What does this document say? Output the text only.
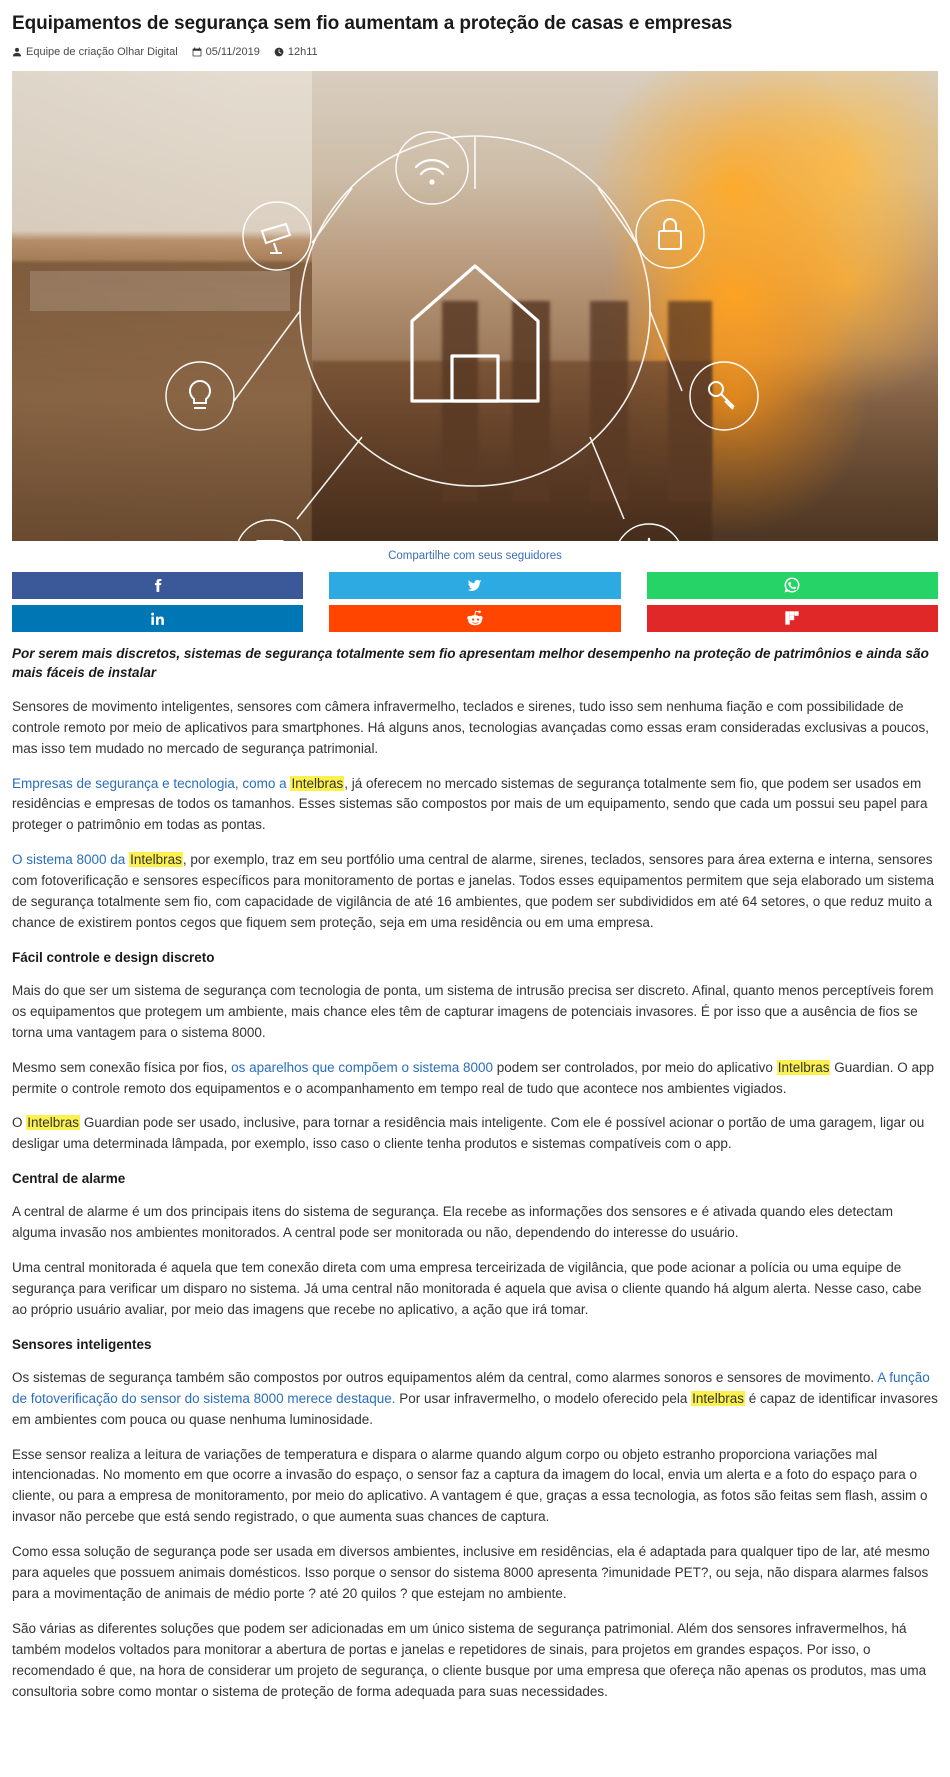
Equipamentos de segurança sem fio aumentam a proteção de casas e empresas
Equipe de criação Olhar Digital	05/11/2019	12h11
Compartilhe com seus seguidores

Por serem mais discretos, sistemas de segurança totalmente sem fio apresentam melhor desempenho na proteção de patrimônios e ainda são mais fáceis de instalar

Sensores de movimento inteligentes, sensores com câmera infravermelho, teclados e sirenes, tudo isso sem nenhuma fiação e com possibilidade de controle remoto por meio de aplicativos para smartphones. Há alguns anos, tecnologias avançadas como essas eram consideradas exclusivas a poucos, mas isso tem mudado no mercado de segurança patrimonial.

Empresas de segurança e tecnologia, como a Intelbras, já oferecem no mercado sistemas de segurança totalmente sem fio, que podem ser usados em residências e empresas de todos os tamanhos. Esses sistemas são compostos por mais de um equipamento, sendo que cada um possui seu papel para proteger o patrimônio em todas as pontas.

O sistema 8000 da Intelbras, por exemplo, traz em seu portfólio uma central de alarme, sirenes, teclados, sensores para área externa e interna, sensores com fotoverificação e sensores específicos para monitoramento de portas e janelas. Todos esses equipamentos permitem que seja elaborado um sistema de segurança totalmente sem fio, com capacidade de vigilância de até 16 ambientes, que podem ser subdivididos em até 64 setores, o que reduz muito a chance de existirem pontos cegos que fiquem sem proteção, seja em uma residência ou em uma empresa.

Fácil controle e design discreto

Mais do que ser um sistema de segurança com tecnologia de ponta, um sistema de intrusão precisa ser discreto. Afinal, quanto menos perceptíveis forem os equipamentos que protegem um ambiente, mais chance eles têm de capturar imagens de potenciais invasores. É por isso que a ausência de fios se torna uma vantagem para o sistema 8000.

Mesmo sem conexão física por fios, os aparelhos que compõem o sistema 8000 podem ser controlados, por meio do aplicativo Intelbras Guardian. O app permite o controle remoto dos equipamentos e o acompanhamento em tempo real de tudo que acontece nos ambientes vigiados.

O Intelbras Guardian pode ser usado, inclusive, para tornar a residência mais inteligente. Com ele é possível acionar o portão de uma garagem, ligar ou desligar uma determinada lâmpada, por exemplo, isso caso o cliente tenha produtos e sistemas compatíveis com o app.

Central de alarme

A central de alarme é um dos principais itens do sistema de segurança. Ela recebe as informações dos sensores e é ativada quando eles detectam alguma invasão nos ambientes monitorados. A central pode ser monitorada ou não, dependendo do interesse do usuário.

Uma central monitorada é aquela que tem conexão direta com uma empresa terceirizada de vigilância, que pode acionar a polícia ou uma equipe de segurança para verificar um disparo no sistema. Já uma central não monitorada é aquela que avisa o cliente quando há algum alerta. Nesse caso, cabe ao próprio usuário avaliar, por meio das imagens que recebe no aplicativo, a ação que irá tomar.

Sensores inteligentes

Os sistemas de segurança também são compostos por outros equipamentos além da central, como alarmes sonoros e sensores de movimento. A função de fotoverificação do sensor do sistema 8000 merece destaque. Por usar infravermelho, o modelo oferecido pela Intelbras é capaz de identificar invasores em ambientes com pouca ou quase nenhuma luminosidade.

Esse sensor realiza a leitura de variações de temperatura e dispara o alarme quando algum corpo ou objeto estranho proporciona variações mal intencionadas. No momento em que ocorre a invasão do espaço, o sensor faz a captura da imagem do local, envia um alerta e a foto do espaço para o cliente, ou para a empresa de monitoramento, por meio do aplicativo. A vantagem é que, graças a essa tecnologia, as fotos são feitas sem flash, assim o invasor não percebe que está sendo registrado, o que aumenta suas chances de captura.

Como essa solução de segurança pode ser usada em diversos ambientes, inclusive em residências, ela é adaptada para qualquer tipo de lar, até mesmo para aqueles que possuem animais domésticos. Isso porque o sensor do sistema 8000 apresenta ?imunidade PET?, ou seja, não dispara alarmes falsos para a movimentação de animais de médio porte ? até 20 quilos ? que estejam no ambiente.

São várias as diferentes soluções que podem ser adicionadas em um único sistema de segurança patrimonial. Além dos sensores infravermelhos, há também modelos voltados para monitorar a abertura de portas e janelas e repetidores de sinais, para projetos em grandes espaços. Por isso, o recomendado é que, na hora de considerar um projeto de segurança, o cliente busque por uma empresa que ofereça não apenas os produtos, mas uma consultoria sobre como montar o sistema de proteção de forma adequada para suas necessidades.
